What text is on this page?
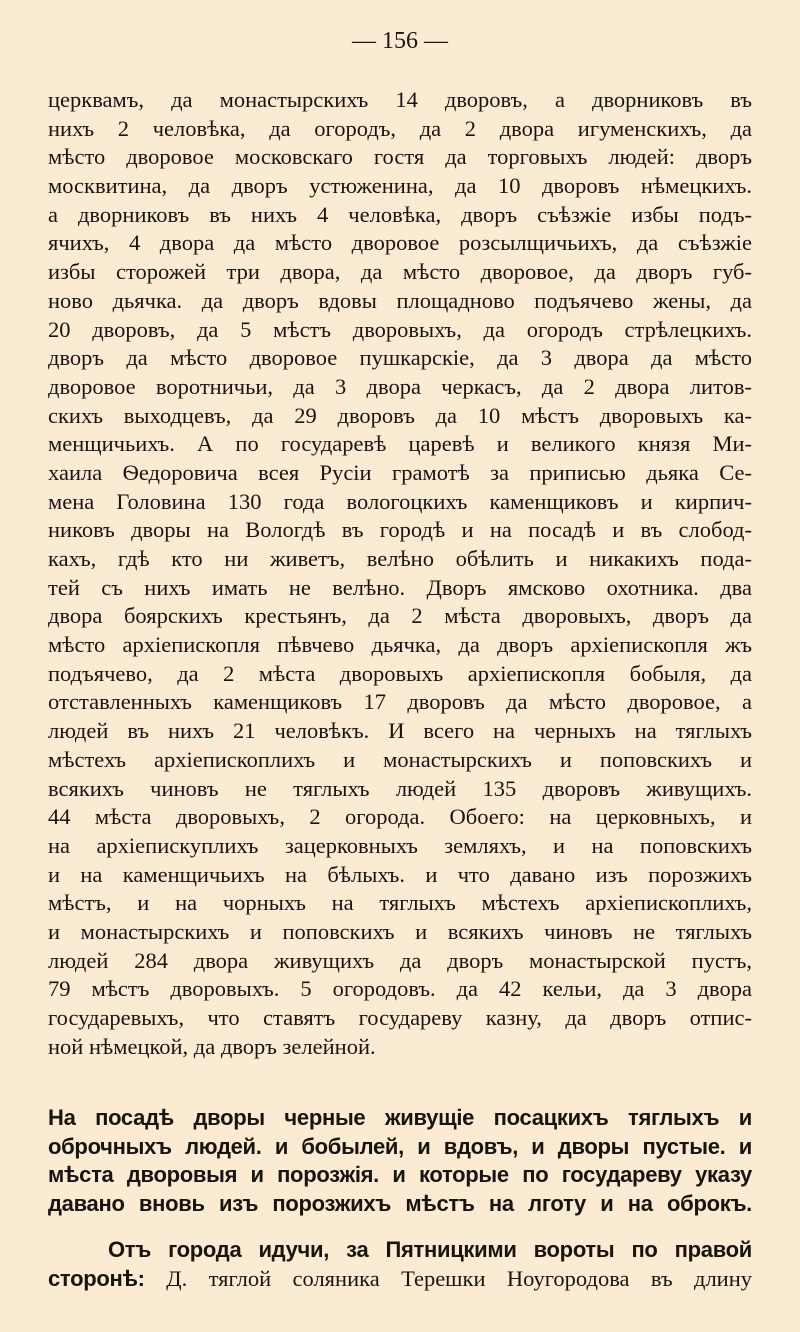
— 156 —
церквамъ, да монастырскихъ 14 дворовъ, а дворниковъ въ
нихъ 2 человѣка, да огородъ, да 2 двора игуменскихъ, да
мѣсто дворовое московскаго гостя да торговыхъ людей: дворъ
москвитина, да дворъ устюженина, да 10 дворовъ нѣмецкихъ.
а дворниковъ въ нихъ 4 человѣка, дворъ съѣзжіе избы подъ-
ячихъ, 4 двора да мѣсто дворовое розсылщичьихъ, да съѣзжіе
избы сторожей три двора, да мѣсто дворовое, да дворъ губ-
ново дьячка. да дворъ вдовы площадново подъячево жены, да
20 дворовъ, да 5 мѣстъ дворовыхъ, да огородъ стрѣлецкихъ.
дворъ да мѣсто дворовое пушкарскіе, да 3 двора да мѣсто
дворовое воротничьи, да 3 двора черкасъ, да 2 двора литов-
скихъ выходцевъ, да 29 дворовъ да 10 мѣстъ дворовыхъ ка-
менщичьихъ. А по государевѣ царевѣ и великого князя Ми-
хаила Ѳедоровича всея Русіи грамотѣ за приписью дьяка Се-
мена Головина 130 года вологоцкихъ каменщиковъ и кирпич-
никовъ дворы на Вологдѣ въ городѣ и на посадѣ и въ слобод-
кахъ, гдѣ кто ни живетъ, велѣно обѣлить и никакихъ пода-
тей съ нихъ имать не велѣно. Дворъ ямсково охотника. два
двора боярскихъ крестьянъ, да 2 мѣста дворовыхъ, дворъ да
мѣсто архіепископля пѣвчево дьячка, да дворъ архіепископля жъ
подъячево, да 2 мѣста дворовыхъ архіепископля бобыля, да
отставленныхъ каменщиковъ 17 дворовъ да мѣсто дворовое, а
людей въ нихъ 21 человѣкъ. И всего на черныхъ на тяглыхъ
мѣстехъ архіепископлихъ и монастырскихъ и поповскихъ и
всякихъ чиновъ не тяглыхъ людей 135 дворовъ живущихъ.
44 мѣста дворовыхъ, 2 огорода. Обоего: на церковныхъ, и
на архіепискуплихъ зацерковныхъ земляхъ, и на поповскихъ
и на каменщичьихъ на бѣлыхъ. и что давано изъ порозжихъ
мѣстъ, и на чорныхъ на тяглыхъ мѣстехъ архіепископлихъ,
и монастырскихъ и поповскихъ и всякихъ чиновъ не тяглыхъ
людей 284 двора живущихъ да дворъ монастырской пустъ,
79 мѣстъ дворовыхъ. 5 огородовъ. да 42 кельи, да 3 двора
государевыхъ, что ставятъ государеву казну, да дворъ отпис-
ной нѣмецкой, да дворъ зелейной.
На посадѣ дворы черные живущіе посацкихъ тяглыхъ и
оброчныхъ людей. и бобылей, и вдовъ, и дворы пустые. и
мѣста дворовыя и порозжія. и которые по государеву указу
давано вновь изъ порозжихъ мѣстъ на лготу и на оброкъ.
Отъ города идучи, за Пятницкими вороты по правой
сторонѣ: Д. тяглой соляника Терешки Ноугородова въ длину
